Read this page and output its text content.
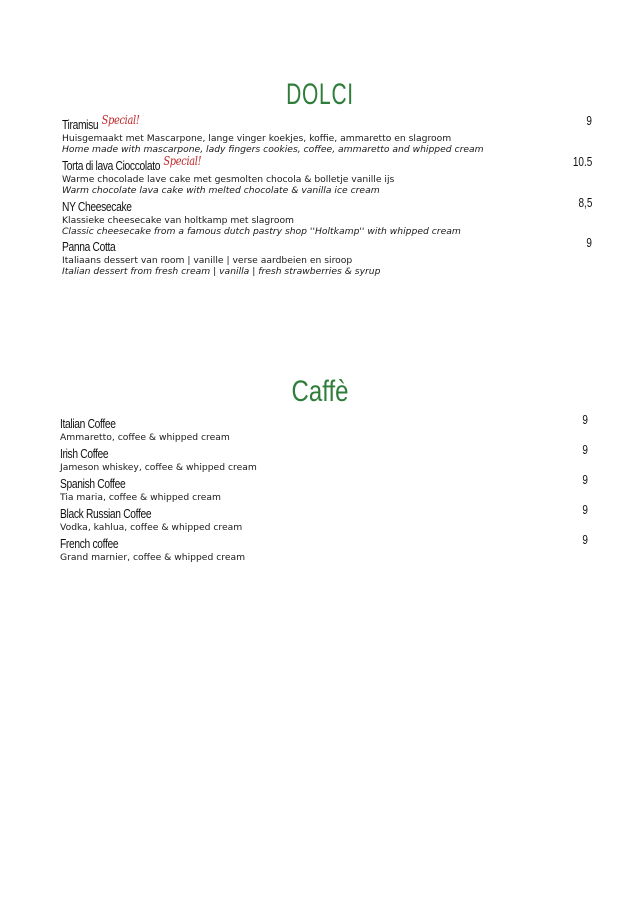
DOLCI
Tiramisu Special!	9
Huisgemaakt met Mascarpone, lange vinger koekjes, koffie, ammaretto en slagroom
Home made with mascarpone, lady fingers cookies, coffee, ammaretto and whipped cream
Torta di lava Cioccolato Special!	10.5
Warme chocolade lave cake met gesmolten chocola & bolletje vanille ijs
Warm chocolate lava cake with melted chocolate & vanilla ice cream
NY Cheesecake	8,5
Klassieke cheesecake van holtkamp met slagroom
Classic cheesecake from a famous dutch pastry shop ''Holtkamp'' with whipped cream
Panna Cotta	9
Italiaans dessert van room | vanille | verse aardbeien en siroop
Italian dessert from fresh cream | vanilla | fresh strawberries & syrup
Caffè
Italian Coffee	9
Ammaretto, coffee & whipped cream
Irish Coffee	9
Jameson whiskey, coffee & whipped cream
Spanish Coffee	9
Tia maria, coffee & whipped cream
Black Russian Coffee	9
Vodka, kahlua, coffee & whipped cream
French coffee	9
Grand marnier, coffee & whipped cream
